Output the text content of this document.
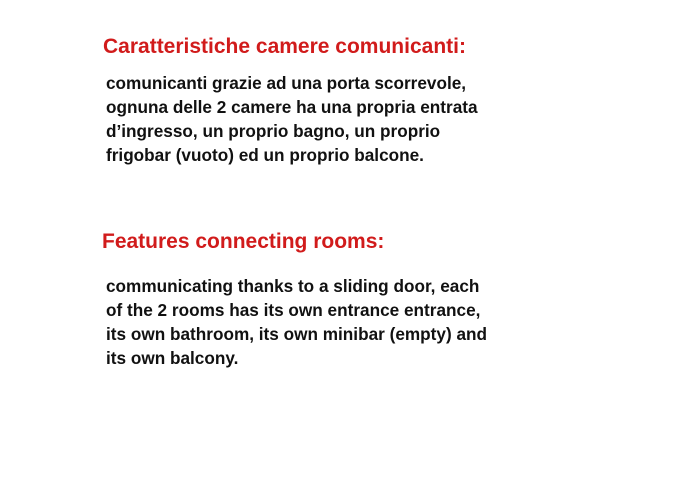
Caratteristiche camere comunicanti:

comunicanti grazie ad una porta scorrevole,
ognuna delle 2 camere ha una propria entrata
d’ingresso, un proprio bagno, un proprio
frigobar (vuoto) ed un proprio balcone.

Features connecting rooms:

communicating thanks to a sliding door, each
of the 2 rooms has its own entrance entrance,
its own bathroom, its own minibar (empty) and
its own balcony.
